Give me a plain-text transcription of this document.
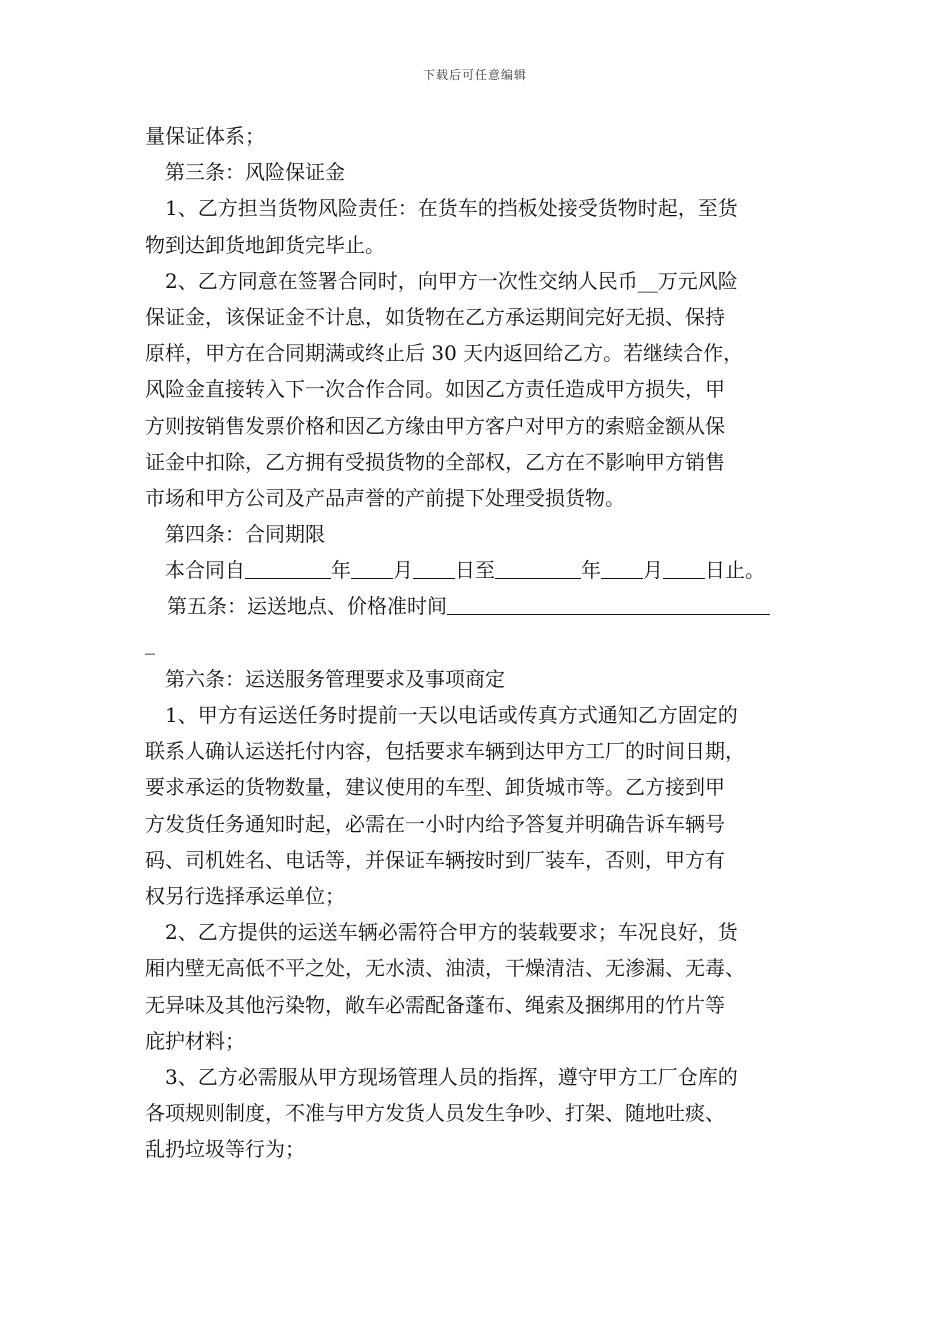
下载后可任意编辑
量保证体系；
第三条：风险保证金
1、乙方担当货物风险责任：在货车的挡板处接受货物时起，至货
物到达卸货地卸货完毕止。
2、乙方同意在签署合同时，向甲方一次性交纳人民币__万元风险
保证金，该保证金不计息，如货物在乙方承运期间完好无损、保持
原样，甲方在合同期满或终止后 30 天内返回给乙方。若继续合作，
风险金直接转入下一次合作合同。如因乙方责任造成甲方损失，甲
方则按销售发票价格和因乙方缘由甲方客户对甲方的索赔金额从保
证金中扣除，乙方拥有受损货物的全部权，乙方在不影响甲方销售
市场和甲方公司及产品声誉的产前提下处理受损货物。
第四条：合同期限
本合同自	年 月 日至	年 月 日止。
第五条：运送地点、价格准时间
_
第六条：运送服务管理要求及事项商定
1、甲方有运送任务时提前一天以电话或传真方式通知乙方固定的
联系人确认运送托付内容，包括要求车辆到达甲方工厂的时间日期，
要求承运的货物数量，建议使用的车型、卸货城市等。乙方接到甲
方发货任务通知时起，必需在一小时内给予答复并明确告诉车辆号
码、司机姓名、电话等，并保证车辆按时到厂装车，否则，甲方有
权另行选择承运单位；
2、乙方提供的运送车辆必需符合甲方的装载要求；车况良好，货
厢内壁无高低不平之处，无水渍、油渍，干燥清洁、无渗漏、无毒、
无异味及其他污染物，敞车必需配备蓬布、绳索及捆绑用的竹片等
庇护材料；
3、乙方必需服从甲方现场管理人员的指挥，遵守甲方工厂仓库的
各项规则制度，不准与甲方发货人员发生争吵、打架、随地吐痰、
乱扔垃圾等行为；
